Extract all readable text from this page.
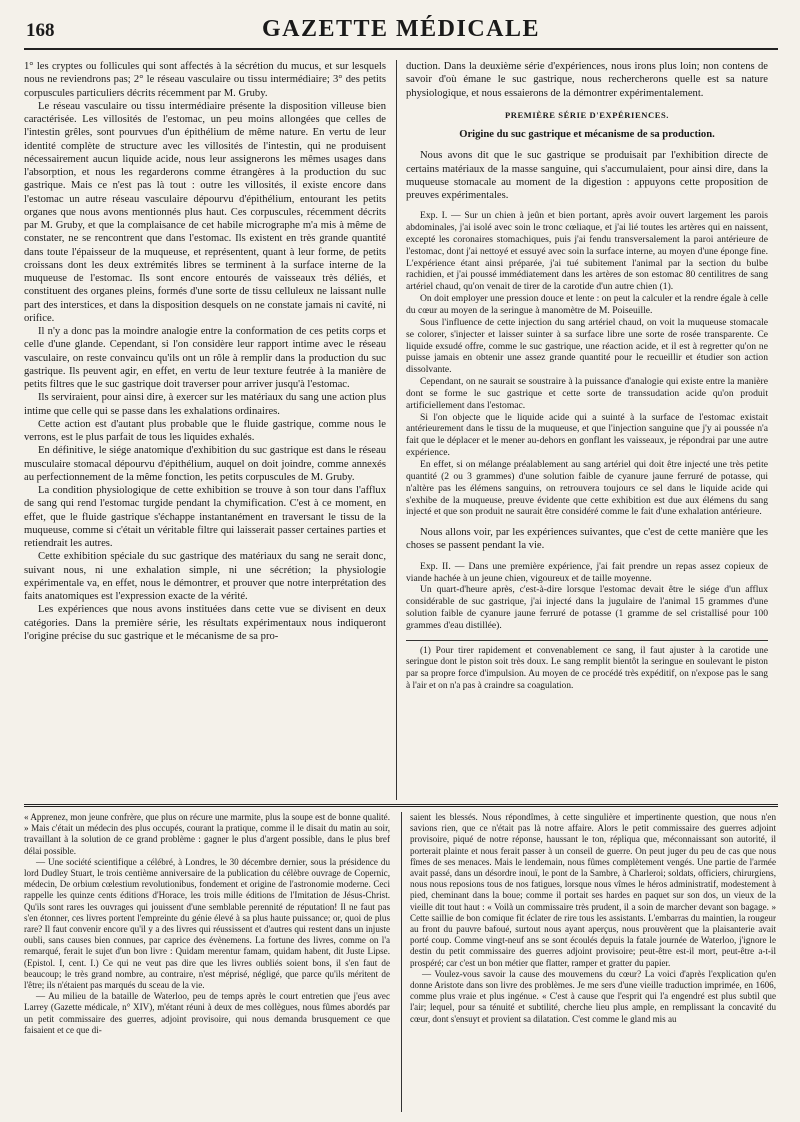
168	GAZETTE MÉDICALE

1° les cryptes ou follicules qui sont affectés à la sécrétion du mucus, et sur lesquels nous ne reviendrons pas; 2° le réseau vasculaire ou tissu intermédiaire; 3° des petits corpuscules particuliers décrits récemment par M. Gruby.

Le réseau vasculaire ou tissu intermédiaire présente la disposition villeuse bien caractérisée. Les villosités de l'estomac, un peu moins allongées que celles de l'intestin grêles, sont pourvues d'un épithélium de même nature. En vertu de leur identité complète de structure avec les villosités de l'intestin, qui ne produisent nécessairement aucun liquide acide, nous leur assignerons les mêmes usages dans l'absorption, et nous les regarderons comme étrangères à la production du suc gastrique. Mais ce n'est pas là tout : outre les villosités, il existe encore dans l'estomac un autre réseau vasculaire dépourvu d'épithélium, entourant les petits organes que nous avons mentionnés plus haut. Ces corpuscules, récemment décrits par M. Gruby, et que la complaisance de cet habile micrographe m'a mis à même de constater, ne se rencontrent que dans l'estomac. Ils existent en très grande quantité dans toute l'épaisseur de la muqueuse, et représentent, quant à leur forme, de petits croissans dont les deux extrémités libres se terminent à la surface interne de la muqueuse de l'estomac. Ils sont encore entourés de vaisseaux très déliés, et constituent des organes pleins, formés d'une sorte de tissu celluleux ne laissant nulle part des interstices, et dans la disposition desquels on ne constate jamais ni cavité, ni orifice.

Il n'y a donc pas la moindre analogie entre la conformation de ces petits corps et celle d'une glande. Cependant, si l'on considère leur rapport intime avec le réseau vasculaire, on reste convaincu qu'ils ont un rôle à remplir dans la production du suc gastrique. Ils peuvent agir, en effet, en vertu de leur texture feutrée à la manière de petits filtres que le suc gastrique doit traverser pour arriver jusqu'à l'estomac.

Ils serviraient, pour ainsi dire, à exercer sur les matériaux du sang une action plus intime que celle qui se passe dans les exhalations ordinaires.

Cette action est d'autant plus probable que le fluide gastrique, comme nous le verrons, est le plus parfait de tous les liquides exhalés.

En définitive, le siége anatomique d'exhibition du suc gastrique est dans le réseau musculaire stomacal dépourvu d'épithélium, auquel on doit joindre, comme annexés au perfectionnement de la même fonction, les petits corpuscules de M. Gruby.

La condition physiologique de cette exhibition se trouve à son tour dans l'afflux de sang qui rend l'estomac turgide pendant la chymification. C'est à ce moment, en effet, que le fluide gastrique s'échappe instantanément en traversant le tissu de la muqueuse, comme si c'était un véritable filtre qui laisserait passer certaines parties et retiendrait les autres.

Cette exhibition spéciale du suc gastrique des matériaux du sang ne serait donc, suivant nous, ni une exhalation simple, ni une sécrétion; la physiologie expérimentale va, en effet, nous le démontrer, et prouver que notre interprétation des faits anatomiques est l'expression exacte de la vérité.

Les expériences que nous avons instituées dans cette vue se divisent en deux catégories. Dans la première série, les résultats expérimentaux nous indiqueront l'origine précise du suc gastrique et le mécanisme de sa pro-

duction. Dans la deuxième série d'expériences, nous irons plus loin; non contens de savoir d'où émane le suc gastrique, nous rechercherons quelle est sa nature physiologique, et nous essaierons de la démontrer expérimentalement.

PREMIÈRE SÉRIE D'EXPÉRIENCES.
Origine du suc gastrique et mécanisme de sa production.

Nous avons dit que le suc gastrique se produisait par l'exhibition directe de certains matériaux de la masse sanguine, qui s'accumulaient, pour ainsi dire, dans la muqueuse stomacale au moment de la digestion : appuyons cette proposition de preuves expérimentales.

Exp. I. — Sur un chien à jeûn et bien portant, après avoir ouvert largement les parois abdominales, j'ai isolé avec soin le tronc cœliaque, et j'ai lié toutes les artères qui en naissent, excepté les coronaires stomachiques, puis j'ai fendu transversalement la paroi antérieure de l'estomac, dont j'ai nettoyé et essuyé avec soin la surface interne, au moyen d'une éponge fine. L'expérience étant ainsi préparée, j'ai tué subitement l'animal par la section du bulbe rachidien, et j'ai poussé immédiatement dans les artères de son estomac 80 centilitres de sang artériel chaud, qu'on venait de tirer de la carotide d'un autre chien (1).

On doit employer une pression douce et lente : on peut la calculer et la rendre égale à celle du cœur au moyen de la seringue à manomètre de M. Poiseuille.

Sous l'influence de cette injection du sang artériel chaud, on voit la muqueuse stomacale se colorer, s'injecter et laisser suinter à sa surface libre une sorte de rosée transparente. Ce liquide exsudé offre, comme le suc gastrique, une réaction acide, et il est à regretter qu'on ne puisse jamais en obtenir une assez grande quantité pour le recueillir et étudier son action dissolvante.

Cependant, on ne saurait se soustraire à la puissance d'analogie qui existe entre la manière dont se forme le suc gastrique et cette sorte de transsudation acide qu'on produit artificiellement dans l'estomac.

Si l'on objecte que le liquide acide qui a suinté à la surface de l'estomac existait antérieurement dans le tissu de la muqueuse, et que l'injection sanguine que j'y ai poussée n'a fait que le déplacer et le mener au-dehors en gonflant les vaisseaux, je répondrai par une autre expérience.

En effet, si on mélange préalablement au sang artériel qui doit être injecté une très petite quantité (2 ou 3 grammes) d'une solution faible de cyanure jaune ferruré de potasse, qui n'altère pas les élémens sanguins, on retrouvera toujours ce sel dans le liquide acide qui s'exhibe de la muqueuse, preuve évidente que cette exhibition est due aux élémens du sang injecté et que son produit ne saurait être considéré comme le fait d'une exhalation antérieure.

Nous allons voir, par les expériences suivantes, que c'est de cette manière que les choses se passent pendant la vie.

Exp. II. — Dans une première expérience, j'ai fait prendre un repas assez copieux de viande hachée à un jeune chien, vigoureux et de taille moyenne.

Un quart-d'heure après, c'est-à-dire lorsque l'estomac devait être le siége d'un afflux considérable de suc gastrique, j'ai injecté dans la jugulaire de l'animal 15 grammes d'une solution faible de cyanure jaune ferruré de potasse (1 gramme de sel cristallisé pour 100 grammes d'eau distillée).

(1) Pour tirer rapidement et convenablement ce sang, il faut ajuster à la carotide une seringue dont le piston soit très doux. Le sang remplit bientôt la seringue en soulevant le piston par sa propre force d'impulsion. Au moyen de ce procédé très expéditif, on n'expose pas le sang à l'air et on n'a pas à craindre sa coagulation.

« Apprenez, mon jeune confrère, que plus on récure une marmite, plus la soupe est de bonne qualité. » Mais c'était un médecin des plus occupés, courant la pratique, comme il le disait du matin au soir, travaillant à la solution de ce grand problème : gagner le plus d'argent possible, dans le plus bref délai possible.

— Une société scientifique a célébré, à Londres, le 30 décembre dernier, sous la présidence du lord Dudley Stuart, le trois centième anniversaire de la publication du célèbre ouvrage de Copernic, médecin, De orbium cœlestium revolutionibus, fondement et origine de l'astronomie moderne. Ceci rappelle les quinze cents éditions d'Horace, les trois mille éditions de l'Imitation de Jésus-Christ. Qu'ils sont rares les ouvrages qui jouissent d'une semblable perennité de réputation! Il ne faut pas s'en étonner, ces livres portent l'empreinte du génie élevé à sa plus haute puissance; or, quoi de plus rare? Il faut convenir encore qu'il y a des livres qui réussissent et d'autres qui restent dans un injuste oubli, sans causes bien connues, par caprice des évènemens. La fortune des livres, comme on l'a remarqué, ferait le sujet d'un bon livre : Quidam merentur famam, quidam habent, dit Juste Lipse. (Epistol. I, cent. I.) Ce qui ne veut pas dire que les livres oubliés soient bons, il s'en faut de beaucoup; le très grand nombre, au contraire, n'est méprisé, négligé, que parce qu'ils méritent de l'être; ils n'étaient pas marqués du sceau de la vie.

— Au milieu de la bataille de Waterloo, peu de temps après le court entretien que j'eus avec Larrey (Gazette médicale, n° XIV), m'étant réuni à deux de mes collègues, nous fûmes abordés par un petit commissaire des guerres, adjoint provisoire, qui nous demanda brusquement ce que faisaient et ce que di-

saient les blessés. Nous répondîmes, à cette singulière et impertinente question, que nous n'en savions rien, que ce n'était pas là notre affaire. Alors le petit commissaire des guerres adjoint provisoire, piqué de notre réponse, haussant le ton, répliqua que, méconnaissant son autorité, il porterait plainte et nous ferait passer à un conseil de guerre. On peut juger du peu de cas que nous fîmes de ses menaces. Mais le lendemain, nous fûmes complètement vengés. Une partie de l'armée avait passé, dans un désordre inouï, le pont de la Sambre, à Charleroi; soldats, officiers, chirurgiens, nous nous reposions tous de nos fatigues, lorsque nous vîmes le héros administratif, modestement à pied, cheminant dans la boue; comme il portait ses hardes en paquet sur son dos, un vieux de la vieille dit tout haut : « Voilà un commissaire très prudent, il a soin de marcher devant son bagage. » Cette saillie de bon comique fit éclater de rire tous les assistants. L'embarras du maintien, la rougeur au front du pauvre bafoué, surtout nous ayant aperçus, nous prouvèrent que la plaisanterie avait porté coup. Comme vingt-neuf ans se sont écoulés depuis la fatale journée de Waterloo, j'ignore le destin du petit commissaire des guerres adjoint provisoire; peut-être est-il mort, peut-être a-t-il prospéré; car c'est un bon métier que flatter, ramper et gratter du papier.

— Voulez-vous savoir la cause des mouvemens du cœur? La voici d'après l'explication qu'en donne Aristote dans son livre des problèmes. Je me sers d'une vieille traduction imprimée, en 1606, comme plus vraie et plus ingénue. « C'est à cause que l'esprit qui l'a engendré est plus subtil que l'air; lequel, pour sa ténuité et subtilité, cherche lieu plus ample, en remplissant la concavité du cœur, dont s'ensuyt et provient sa dilatation. C'est comme le gland mis au
